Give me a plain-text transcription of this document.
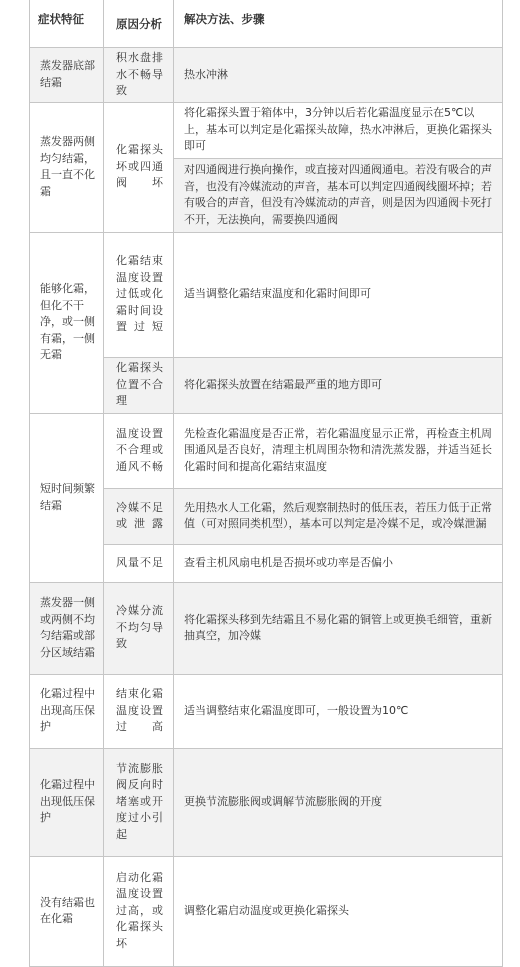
症状特征	原因分析	解决方法、步骤
蒸发器底部结霜	积水盘排水不畅导致	热水冲淋
蒸发器两侧均匀结霜，且一直不化霜	化霜探头坏或四通阀坏	将化霜探头置于箱体中，3分钟以后若化霜温度显示在5℃以上，基本可以判定是化霜探头故障，热水冲淋后，更换化霜探头即可
		对四通阀进行换向操作，或直接对四通阀通电。若没有吸合的声音，也没有冷媒流动的声音，基本可以判定四通阀线圈坏掉；若有吸合的声音，但没有冷媒流动的声音，则是因为四通阀卡死打不开，无法换向，需要换四通阀
能够化霜，但化不干净，或一侧有霜，一侧无霜	化霜结束温度设置过低或化霜时间设置过短	适当调整化霜结束温度和化霜时间即可
	化霜探头位置不合理	将化霜探头放置在结霜最严重的地方即可
短时间频繁结霜	温度设置不合理或通风不畅	先检查化霜温度是否正常，若化霜温度显示正常，再检查主机周围通风是否良好，清理主机周围杂物和清洗蒸发器，并适当延长化霜时间和提高化霜结束温度
	冷媒不足或泄露	先用热水人工化霜，然后观察制热时的低压表，若压力低于正常值（可对照同类机型），基本可以判定是冷媒不足，或冷媒泄漏
	风量不足	查看主机风扇电机是否损坏或功率是否偏小
蒸发器一侧或两侧不均匀结霜或部分区域结霜	冷媒分流不均匀导致	将化霜探头移到先结霜且不易化霜的铜管上或更换毛细管，重新抽真空，加冷媒
化霜过程中出现高压保护	结束化霜温度设置过高	适当调整结束化霜温度即可，一般设置为10℃
化霜过程中出现低压保护	节流膨胀阀反向时堵塞或开度过小引起	更换节流膨胀阀或调解节流膨胀阀的开度
没有结霜也在化霜	启动化霜温度设置过高，或化霜探头坏	调整化霜启动温度或更换化霜探头
